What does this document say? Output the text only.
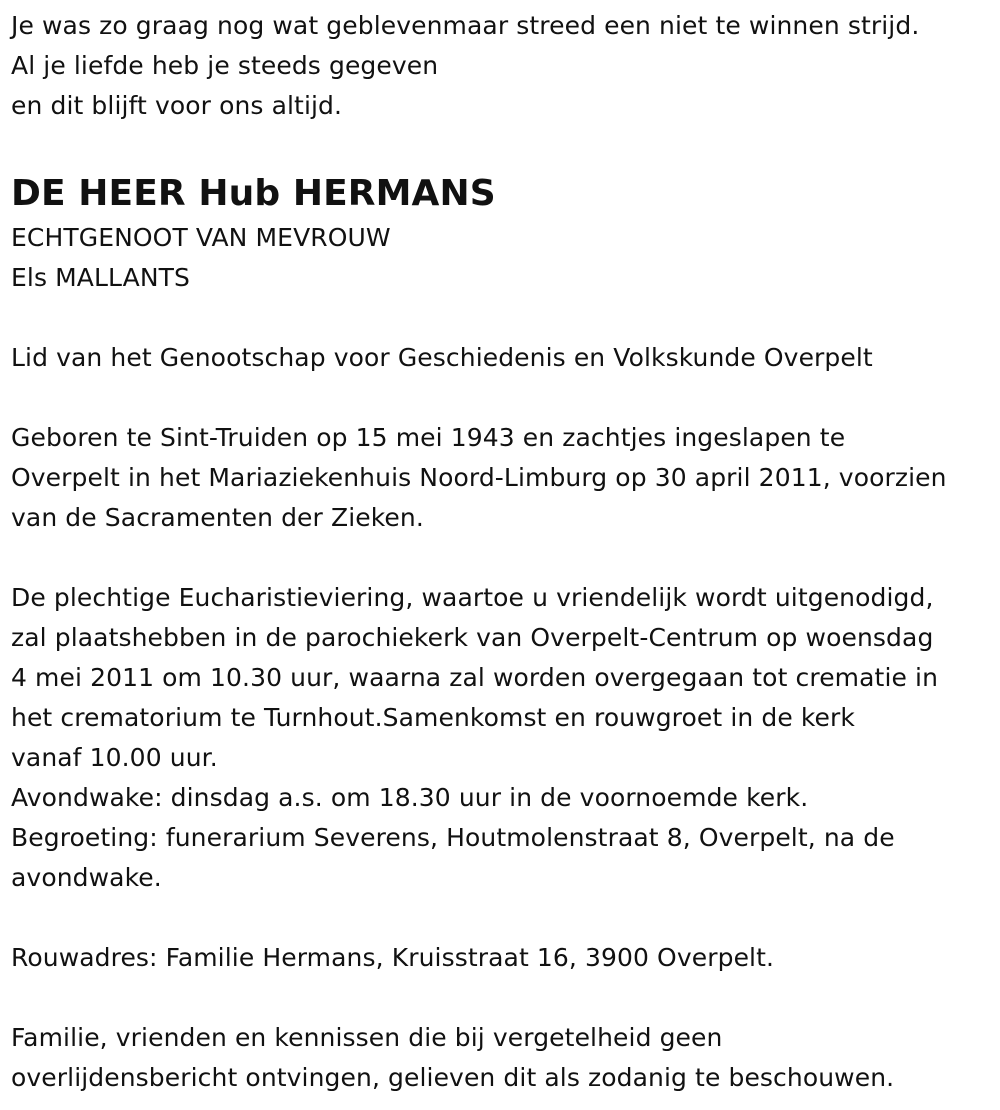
Je was zo graag nog wat geblevenmaar streed een niet te winnen strijd.
Al je liefde heb je steeds gegeven
en dit blijft voor ons altijd.
DE HEER Hub HERMANS
ECHTGENOOT VAN MEVROUW
Els MALLANTS
Lid van het Genootschap voor Geschiedenis en Volkskunde Overpelt
Geboren te Sint-Truiden op 15 mei 1943 en zachtjes ingeslapen te
Overpelt in het Mariaziekenhuis Noord-Limburg op 30 april 2011, voorzien
van de Sacramenten der Zieken.
De plechtige Eucharistieviering, waartoe u vriendelijk wordt uitgenodigd,
zal plaatshebben in de parochiekerk van Overpelt-Centrum op woensdag
4 mei 2011 om 10.30 uur, waarna zal worden overgegaan tot crematie in
het crematorium te Turnhout.Samenkomst en rouwgroet in de kerk
vanaf 10.00 uur.
Avondwake: dinsdag a.s. om 18.30 uur in de voornoemde kerk.
Begroeting: funerarium Severens, Houtmolenstraat 8, Overpelt, na de
avondwake.
Rouwadres: Familie Hermans, Kruisstraat 16, 3900 Overpelt.
Familie, vrienden en kennissen die bij vergetelheid geen
overlijdensbericht ontvingen, gelieven dit als zodanig te beschouwen.
